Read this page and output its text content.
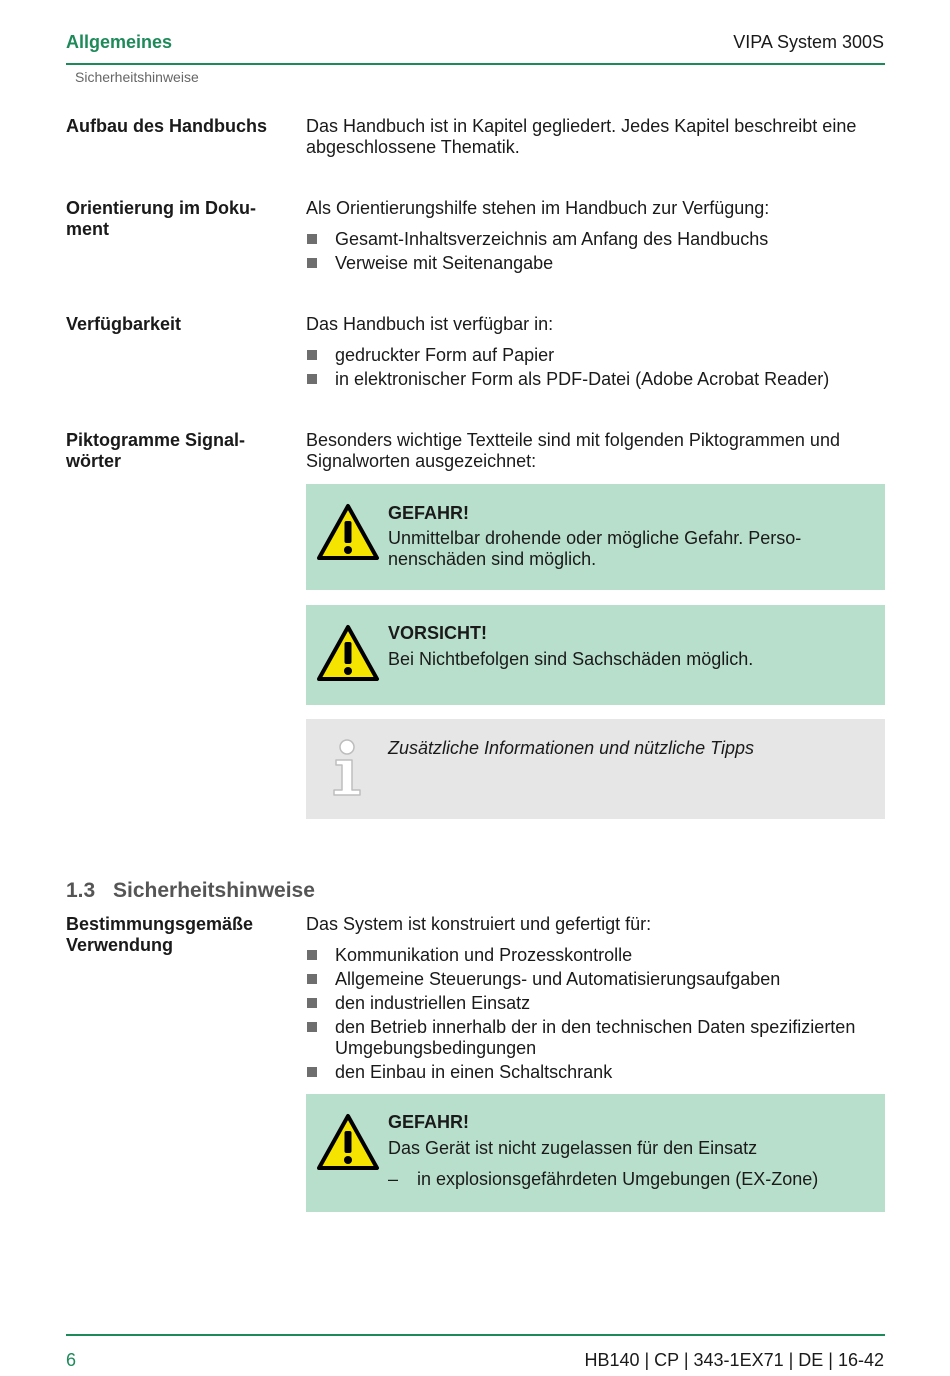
Allgemeines	VIPA System 300S
Sicherheitshinweise
Aufbau des Handbuchs	Das Handbuch ist in Kapitel gegliedert. Jedes Kapitel beschreibt eine abgeschlossene Thematik.
Orientierung im Doku-
ment
Als Orientierungshilfe stehen im Handbuch zur Verfügung:
Gesamt-Inhaltsverzeichnis am Anfang des Handbuchs
Verweise mit Seitenangabe
Verfügbarkeit	Das Handbuch ist verfügbar in:
gedruckter Form auf Papier
in elektronischer Form als PDF-Datei (Adobe Acrobat Reader)
Piktogramme Signal-
wörter
Besonders wichtige Textteile sind mit folgenden Piktogrammen und
Signalworten ausgezeichnet:
GEFAHR!
Unmittelbar drohende oder mögliche Gefahr. Perso-
nenschäden sind möglich.
VORSICHT!
Bei Nichtbefolgen sind Sachschäden möglich.
Zusätzliche Informationen und nützliche Tipps
1.3 Sicherheitshinweise
Bestimmungsgemäße
Verwendung
Das System ist konstruiert und gefertigt für:
Kommunikation und Prozesskontrolle
Allgemeine Steuerungs- und Automatisierungsaufgaben
den industriellen Einsatz
den Betrieb innerhalb der in den technischen Daten spezifizierten Umgebungsbedingungen
den Einbau in einen Schaltschrank
GEFAHR!
Das Gerät ist nicht zugelassen für den Einsatz
– in explosionsgefährdeten Umgebungen (EX-Zone)
6	HB140 | CP | 343-1EX71 | DE | 16-42
